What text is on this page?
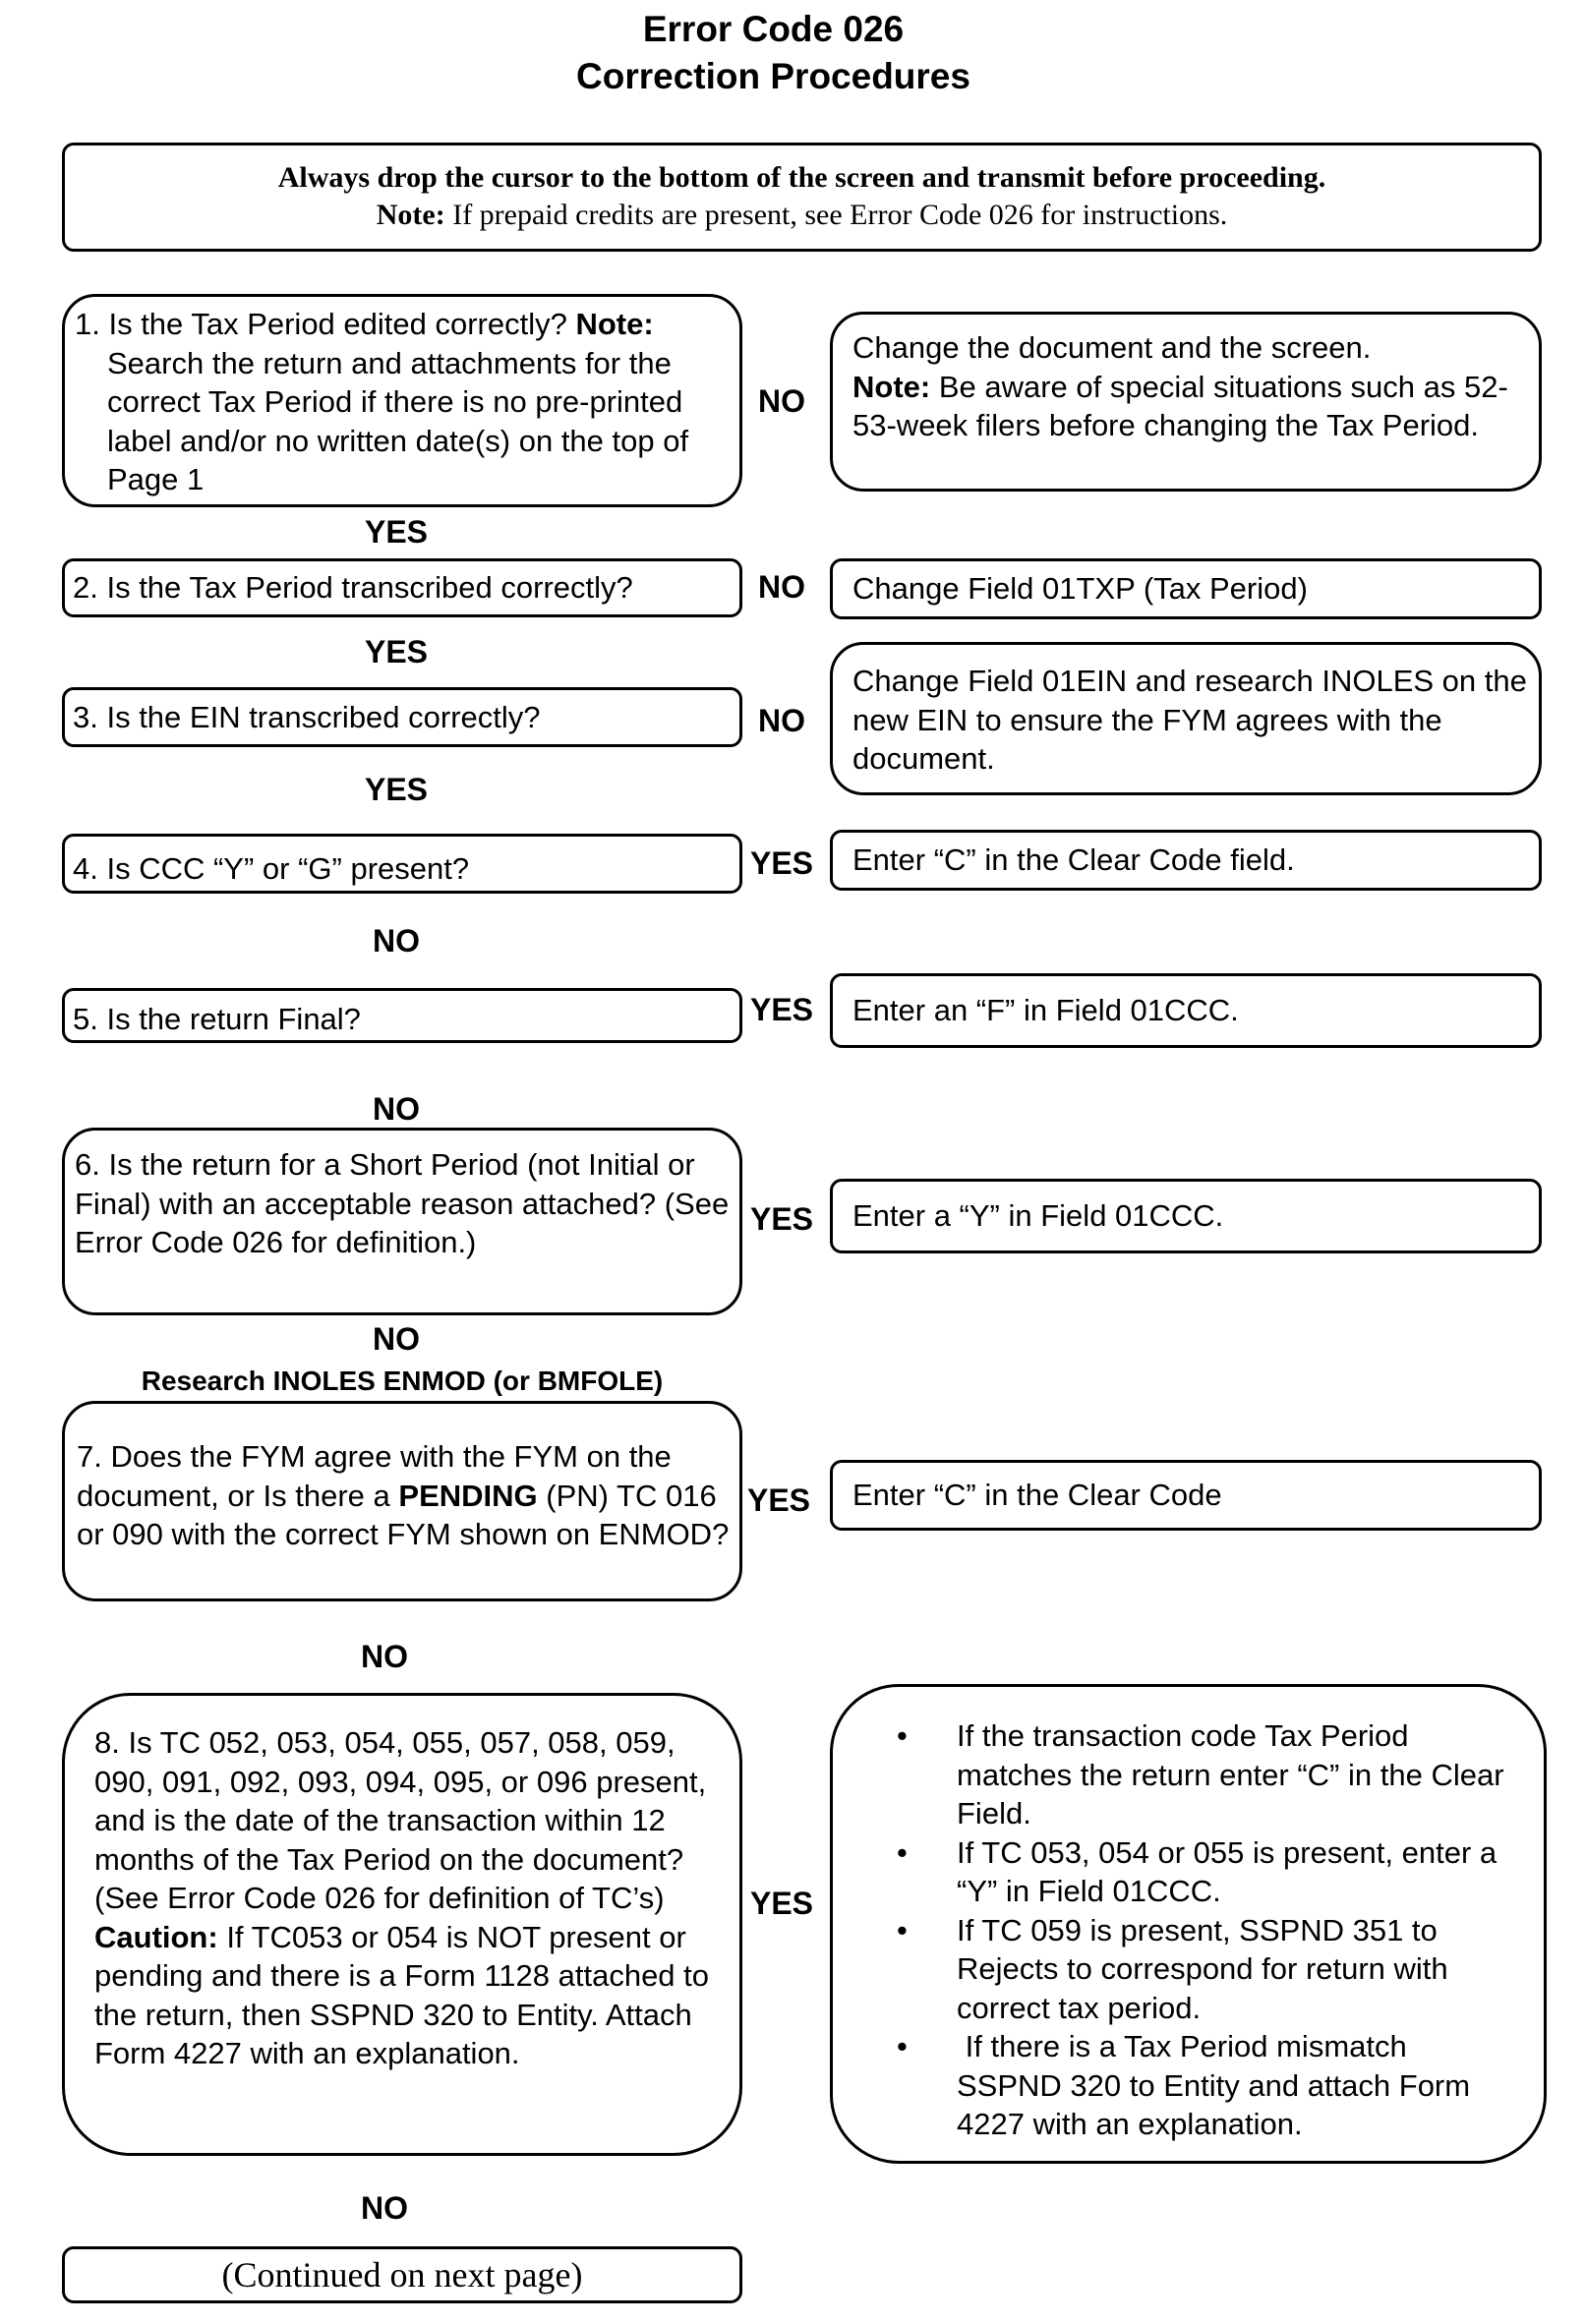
Error Code 026
Correction Procedures
Always drop the cursor to the bottom of the screen and transmit before proceeding.
Note: If prepaid credits are present, see Error Code 026 for instructions.
1. Is the Tax Period edited correctly? Note: Search the return and attachments for the correct Tax Period if there is no pre-printed label and/or no written date(s) on the top of Page 1
NO
Change the document and the screen.
Note: Be aware of special situations such as 52-53-week filers before changing the Tax Period.
YES
2. Is the Tax Period transcribed correctly?	NO	Change Field 01TXP (Tax Period)
YES
3. Is the EIN transcribed correctly?	NO
Change Field 01EIN and research INOLES on the new EIN to ensure the FYM agrees with the document.
YES
4. Is CCC “Y” or “G” present?	YES	Enter “C” in the Clear Code field.
NO
5. Is the return Final?	YES	Enter an “F” in Field 01CCC.
NO
6. Is the return for a Short Period (not Initial or Final) with an acceptable reason attached? (See Error Code 026 for definition.)
YES	Enter a “Y” in Field 01CCC.
NO
Research INOLES ENMOD (or BMFOLE)
7. Does the FYM agree with the FYM on the document, or Is there a PENDING (PN) TC 016 or 090 with the correct FYM shown on ENMOD?
YES	Enter “C” in the Clear Code
NO
8. Is TC 052, 053, 054, 055, 057, 058, 059, 090, 091, 092, 093, 094, 095, or 096 present, and is the date of the transaction within 12 months of the Tax Period on the document? (See Error Code 026 for definition of TC’s)
Caution: If TC053 or 054 is NOT present or pending and there is a Form 1128 attached to the return, then SSPND 320 to Entity. Attach Form 4227 with an explanation.
YES
• If the transaction code Tax Period matches the return enter “C” in the Clear Field.
• If TC 053, 054 or 055 is present, enter a “Y” in Field 01CCC.
• If TC 059 is present, SSPND 351 to Rejects to correspond for return with correct tax period.
• If there is a Tax Period mismatch SSPND 320 to Entity and attach Form 4227 with an explanation.
NO
(Continued on next page)
